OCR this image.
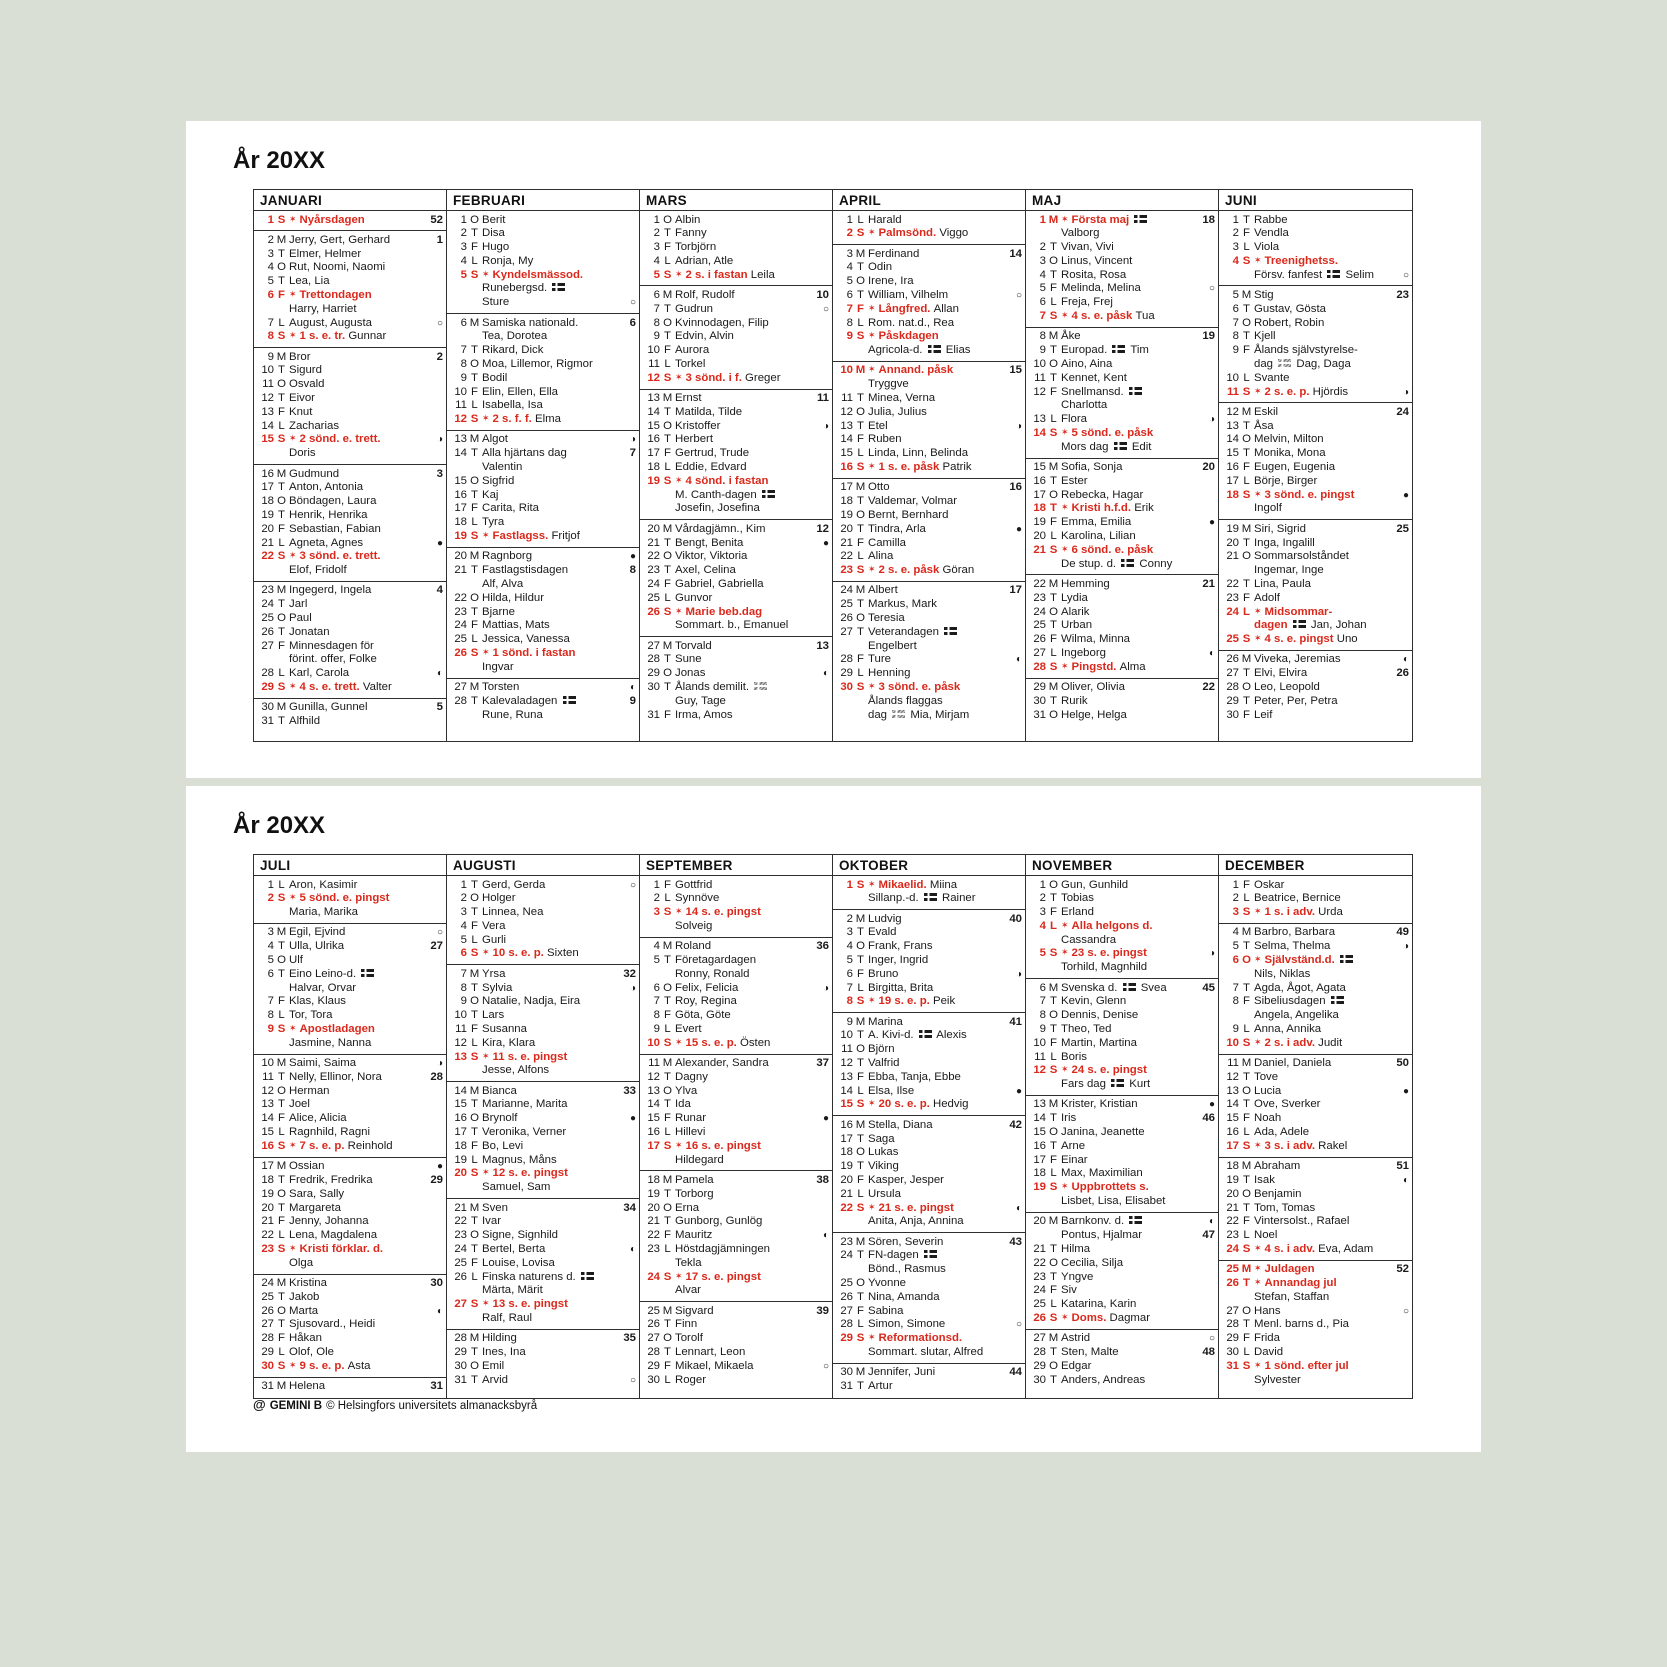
År 20XX
JANUARI
1 S ✶ Nyårsdagen	52
2 M Jerry, Gert, Gerhard	1
3 T Elmer, Helmer
4 O Rut, Noomi, Naomi
5 T Lea, Lia
6 F ✶ Trettondagen
Harry, Harriet
7 L August, Augusta	○
8 S ✶ 1 s. e. tr. Gunnar
9 M Bror	2
10 T Sigurd
11 O Osvald
12 T Eivor
13 F Knut
14 L Zacharias
15 S ✶ 2 sönd. e. trett.	◑
Doris
16 M Gudmund	3
17 T Anton, Antonia
18 O Böndagen, Laura
19 T Henrik, Henrika
20 F Sebastian, Fabian
21 L Agneta, Agnes	●
22 S ✶ 3 sönd. e. trett.
Elof, Fridolf
23 M Ingegerd, Ingela	4
24 T Jarl
25 O Paul
26 T Jonatan
27 F Minnesdagen för
förint. offer, Folke
28 L Karl, Carola	◐
29 S ✶ 4 s. e. trett. Valter
30 M Gunilla, Gunnel	5
31 T Alfhild
FEBRUARI
1 O Berit
2 T Disa
3 F Hugo
4 L Ronja, My
5 S ✶ Kyndelsmässod.
Runebergsd.
Sture	○
6 M Samiska nationald.	6
Tea, Dorotea
7 T Rikard, Dick
8 O Moa, Lillemor, Rigmor
9 T Bodil
10 F Elin, Ellen, Ella
11 L Isabella, Isa
12 S ✶ 2 s. f. f. Elma
13 M Algot	◑
14 T Alla hjärtans dag	7
Valentin
15 O Sigfrid
16 T Kaj
17 F Carita, Rita
18 L Tyra
19 S ✶ Fastlagss. Fritjof
20 M Ragnborg	●
21 T Fastlagstisdagen	8
Alf, Alva
22 O Hilda, Hildur
23 T Bjarne
24 F Mattias, Mats
25 L Jessica, Vanessa
26 S ✶ 1 sönd. i fastan
Ingvar
27 M Torsten	◐
28 T Kalevaladagen	9
Rune, Runa
MARS
1 O Albin
2 T Fanny
3 F Torbjörn
4 L Adrian, Atle
5 S ✶ 2 s. i fastan Leila
6 M Rolf, Rudolf	10
7 T Gudrun	○
8 O Kvinnodagen, Filip
9 T Edvin, Alvin
10 F Aurora
11 L Torkel
12 S ✶ 3 sönd. i f. Greger
13 M Ernst	11
14 T Matilda, Tilde
15 O Kristoffer	◑
16 T Herbert
17 F Gertrud, Trude
18 L Eddie, Edvard
19 S ✶ 4 sönd. i fastan
M. Canth-dagen
Josefin, Josefina
20 M Vårdagjämn., Kim	12
21 T Bengt, Benita	●
22 O Viktor, Viktoria
23 T Axel, Celina
24 F Gabriel, Gabriella
25 L Gunvor
26 S ✶ Marie beb.dag
Sommart. b., Emanuel
27 M Torvald	13
28 T Sune
29 O Jonas	◐
30 T Ålands demilit.
Guy, Tage
31 F Irma, Amos
APRIL
1 L Harald
2 S ✶ Palmsönd. Viggo
3 M Ferdinand	14
4 T Odin
5 O Irene, Ira
6 T William, Vilhelm	○
7 F ✶ Långfred. Allan
8 L Rom. nat.d., Rea
9 S ✶ Påskdagen
Agricola-d.  Elias
10 M ✶ Annand. påsk	15
Tryggve
11 T Minea, Verna
12 O Julia, Julius
13 T Etel	◑
14 F Ruben
15 L Linda, Linn, Belinda
16 S ✶ 1 s. e. påsk Patrik
17 M Otto	16
18 T Valdemar, Volmar
19 O Bernt, Bernhard
20 T Tindra, Arla	●
21 F Camilla
22 L Alina
23 S ✶ 2 s. e. påsk Göran
24 M Albert	17
25 T Markus, Mark
26 O Teresia
27 T Veterandagen
Engelbert
28 F Ture	◐
29 L Henning
30 S ✶ 3 sönd. e. påsk
Ålands flaggas
dag  Mia, Mirjam
MAJ
1 M ✶ Första maj	18
Valborg
2 T Vivan, Vivi
3 O Linus, Vincent
4 T Rosita, Rosa
5 F Melinda, Melina	○
6 L Freja, Frej
7 S ✶ 4 s. e. påsk Tua
8 M Åke	19
9 T Europad.  Tim
10 O Aino, Aina
11 T Kennet, Kent
12 F Snellmansd.
Charlotta
13 L Flora	◑
14 S ✶ 5 sönd. e. påsk
Mors dag  Edit
15 M Sofia, Sonja	20
16 T Ester
17 O Rebecka, Hagar
18 T ✶ Kristi h.f.d. Erik
19 F Emma, Emilia	●
20 L Karolina, Lilian
21 S ✶ 6 sönd. e. påsk
De stup. d.  Conny
22 M Hemming	21
23 T Lydia
24 O Alarik
25 T Urban
26 F Wilma, Minna
27 L Ingeborg	◐
28 S ✶ Pingstd. Alma
29 M Oliver, Olivia	22
30 T Rurik
31 O Helge, Helga
JUNI
1 T Rabbe
2 F Vendla
3 L Viola
4 S ✶ Treenighetss.
Försv. fanfest  Selim	○
5 M Stig	23
6 T Gustav, Gösta
7 O Robert, Robin
8 T Kjell
9 F Ålands självstyrelse-
dag  Dag, Daga
10 L Svante
11 S ✶ 2 s. e. p. Hjördis	◑
12 M Eskil	24
13 T Åsa
14 O Melvin, Milton
15 T Monika, Mona
16 F Eugen, Eugenia
17 L Börje, Birger
18 S ✶ 3 sönd. e. pingst	●
Ingolf
19 M Siri, Sigrid	25
20 T Inga, Ingalill
21 O Sommarsolståndet
Ingemar, Inge
22 T Lina, Paula
23 F Adolf
24 L ✶ Midsommar-
dagen  Jan, Johan
25 S ✶ 4 s. e. pingst Uno
26 M Viveka, Jeremias	◐
27 T Elvi, Elvira	26
28 O Leo, Leopold
29 T Peter, Per, Petra
30 F Leif
År 20XX
JULI
1 L Aron, Kasimir
2 S ✶ 5 sönd. e. pingst
Maria, Marika
3 M Egil, Ejvind	○
4 T Ulla, Ulrika	27
5 O Ulf
6 T Eino Leino-d.
Halvar, Orvar
7 F Klas, Klaus
8 L Tor, Tora
9 S ✶ Apostladagen
Jasmine, Nanna
10 M Saimi, Saima	◑
11 T Nelly, Ellinor, Nora	28
12 O Herman
13 T Joel
14 F Alice, Alicia
15 L Ragnhild, Ragni
16 S ✶ 7 s. e. p. Reinhold
17 M Ossian	●
18 T Fredrik, Fredrika	29
19 O Sara, Sally
20 T Margareta
21 F Jenny, Johanna
22 L Lena, Magdalena
23 S ✶ Kristi förklar. d.
Olga
24 M Kristina	30
25 T Jakob
26 O Marta	◐
27 T Sjusovard., Heidi
28 F Håkan
29 L Olof, Ole
30 S ✶ 9 s. e. p. Asta
31 M Helena	31
AUGUSTI
1 T Gerd, Gerda	○
2 O Holger
3 T Linnea, Nea
4 F Vera
5 L Gurli
6 S ✶ 10 s. e. p. Sixten
7 M Yrsa	32
8 T Sylvia	◑
9 O Natalie, Nadja, Eira
10 T Lars
11 F Susanna
12 L Kira, Klara
13 S ✶ 11 s. e. pingst
Jesse, Alfons
14 M Bianca	33
15 T Marianne, Marita
16 O Brynolf	●
17 T Veronika, Verner
18 F Bo, Levi
19 L Magnus, Måns
20 S ✶ 12 s. e. pingst
Samuel, Sam
21 M Sven	34
22 T Ivar
23 O Signe, Signhild
24 T Bertel, Berta	◐
25 F Louise, Lovisa
26 L Finska naturens d.
Märta, Märit
27 S ✶ 13 s. e. pingst
Ralf, Raul
28 M Hilding	35
29 T Ines, Ina
30 O Emil
31 T Arvid	○
SEPTEMBER
1 F Gottfrid
2 L Synnöve
3 S ✶ 14 s. e. pingst
Solveig
4 M Roland	36
5 T Företagardagen
Ronny, Ronald
6 O Felix, Felicia	◑
7 T Roy, Regina
8 F Göta, Göte
9 L Evert
10 S ✶ 15 s. e. p. Östen
11 M Alexander, Sandra	37
12 T Dagny
13 O Ylva
14 T Ida
15 F Runar	●
16 L Hillevi
17 S ✶ 16 s. e. pingst
Hildegard
18 M Pamela	38
19 T Torborg
20 O Erna
21 T Gunborg, Gunlög
22 F Mauritz	◐
23 L Höstdagjämningen
Tekla
24 S ✶ 17 s. e. pingst
Alvar
25 M Sigvard	39
26 T Finn
27 O Torolf
28 T Lennart, Leon
29 F Mikael, Mikaela	○
30 L Roger
OKTOBER
1 S ✶ Mikaelid. Miina
Sillanp.-d.  Rainer
2 M Ludvig	40
3 T Evald
4 O Frank, Frans
5 T Inger, Ingrid
6 F Bruno	◑
7 L Birgitta, Brita
8 S ✶ 19 s. e. p. Peik
9 M Marina	41
10 T A. Kivi-d.  Alexis
11 O Björn
12 T Valfrid
13 F Ebba, Tanja, Ebbe
14 L Elsa, Ilse	●
15 S ✶ 20 s. e. p. Hedvig
16 M Stella, Diana	42
17 T Saga
18 O Lukas
19 T Viking
20 F Kasper, Jesper
21 L Ursula
22 S ✶ 21 s. e. pingst	◐
Anita, Anja, Annina
23 M Sören, Severin	43
24 T FN-dagen
Bönd., Rasmus
25 O Yvonne
26 T Nina, Amanda
27 F Sabina
28 L Simon, Simone	○
29 S ✶ Reformationsd.
Sommart. slutar, Alfred
30 M Jennifer, Juni	44
31 T Artur
NOVEMBER
1 O Gun, Gunhild
2 T Tobias
3 F Erland
4 L ✶ Alla helgons d.
Cassandra
5 S ✶ 23 s. e. pingst	◑
Torhild, Magnhild
6 M Svenska d.  Svea	45
7 T Kevin, Glenn
8 O Dennis, Denise
9 T Theo, Ted
10 F Martin, Martina
11 L Boris
12 S ✶ 24 s. e. pingst
Fars dag  Kurt
13 M Krister, Kristian	●
14 T Iris	46
15 O Janina, Jeanette
16 T Arne
17 F Einar
18 L Max, Maximilian
19 S ✶ Uppbrottets s.
Lisbet, Lisa, Elisabet
20 M Barnkonv. d.	◐
Pontus, Hjalmar	47
21 T Hilma
22 O Cecilia, Silja
23 T Yngve
24 F Siv
25 L Katarina, Karin
26 S ✶ Doms. Dagmar
27 M Astrid	○
28 T Sten, Malte	48
29 O Edgar
30 T Anders, Andreas
DECEMBER
1 F Oskar
2 L Beatrice, Bernice
3 S ✶ 1 s. i adv. Urda
4 M Barbro, Barbara	49
5 T Selma, Thelma	◑
6 O ✶ Självständ.d.
Nils, Niklas
7 T Agda, Ågot, Agata
8 F Sibeliusdagen
Angela, Angelika
9 L Anna, Annika
10 S ✶ 2 s. i adv. Judit
11 M Daniel, Daniela	50
12 T Tove
13 O Lucia	●
14 T Ove, Sverker
15 F Noah
16 L Ada, Adele
17 S ✶ 3 s. i adv. Rakel
18 M Abraham	51
19 T Isak	◐
20 O Benjamin
21 T Tom, Tomas
22 F Vintersolst., Rafael
23 L Noel
24 S ✶ 4 s. i adv. Eva, Adam
25 M ✶ Juldagen	52
26 T ✶ Annandag jul
Stefan, Staffan
27 O Hans	○
28 T Menl. barns d., Pia
29 F Frida
30 L David
31 S ✶ 1 sönd. efter jul
Sylvester
@ GEMINI B © Helsingfors universitets almanacksbyrå
